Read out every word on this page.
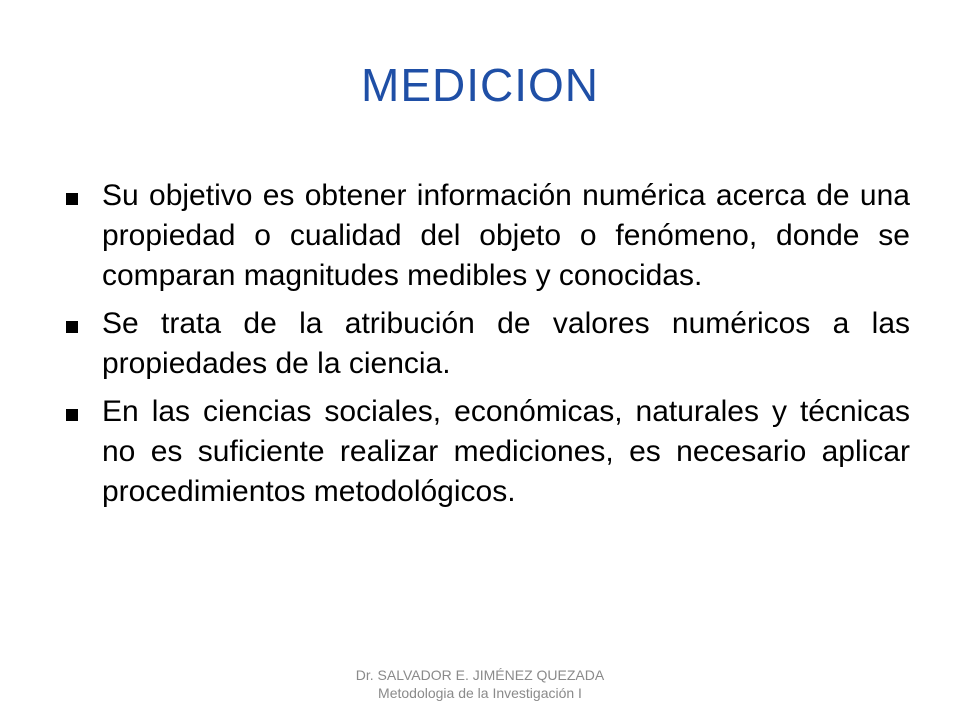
MEDICION
Su objetivo es obtener información numérica acerca de una propiedad o cualidad del objeto o fenómeno, donde se comparan magnitudes medibles y conocidas.
Se trata de la atribución de valores numéricos a las propiedades de la ciencia.
En las ciencias sociales, económicas, naturales y técnicas no es suficiente realizar mediciones, es necesario aplicar procedimientos metodológicos.
Dr. SALVADOR E. JIMÉNEZ QUEZADA
Metodologia de la Investigación I
